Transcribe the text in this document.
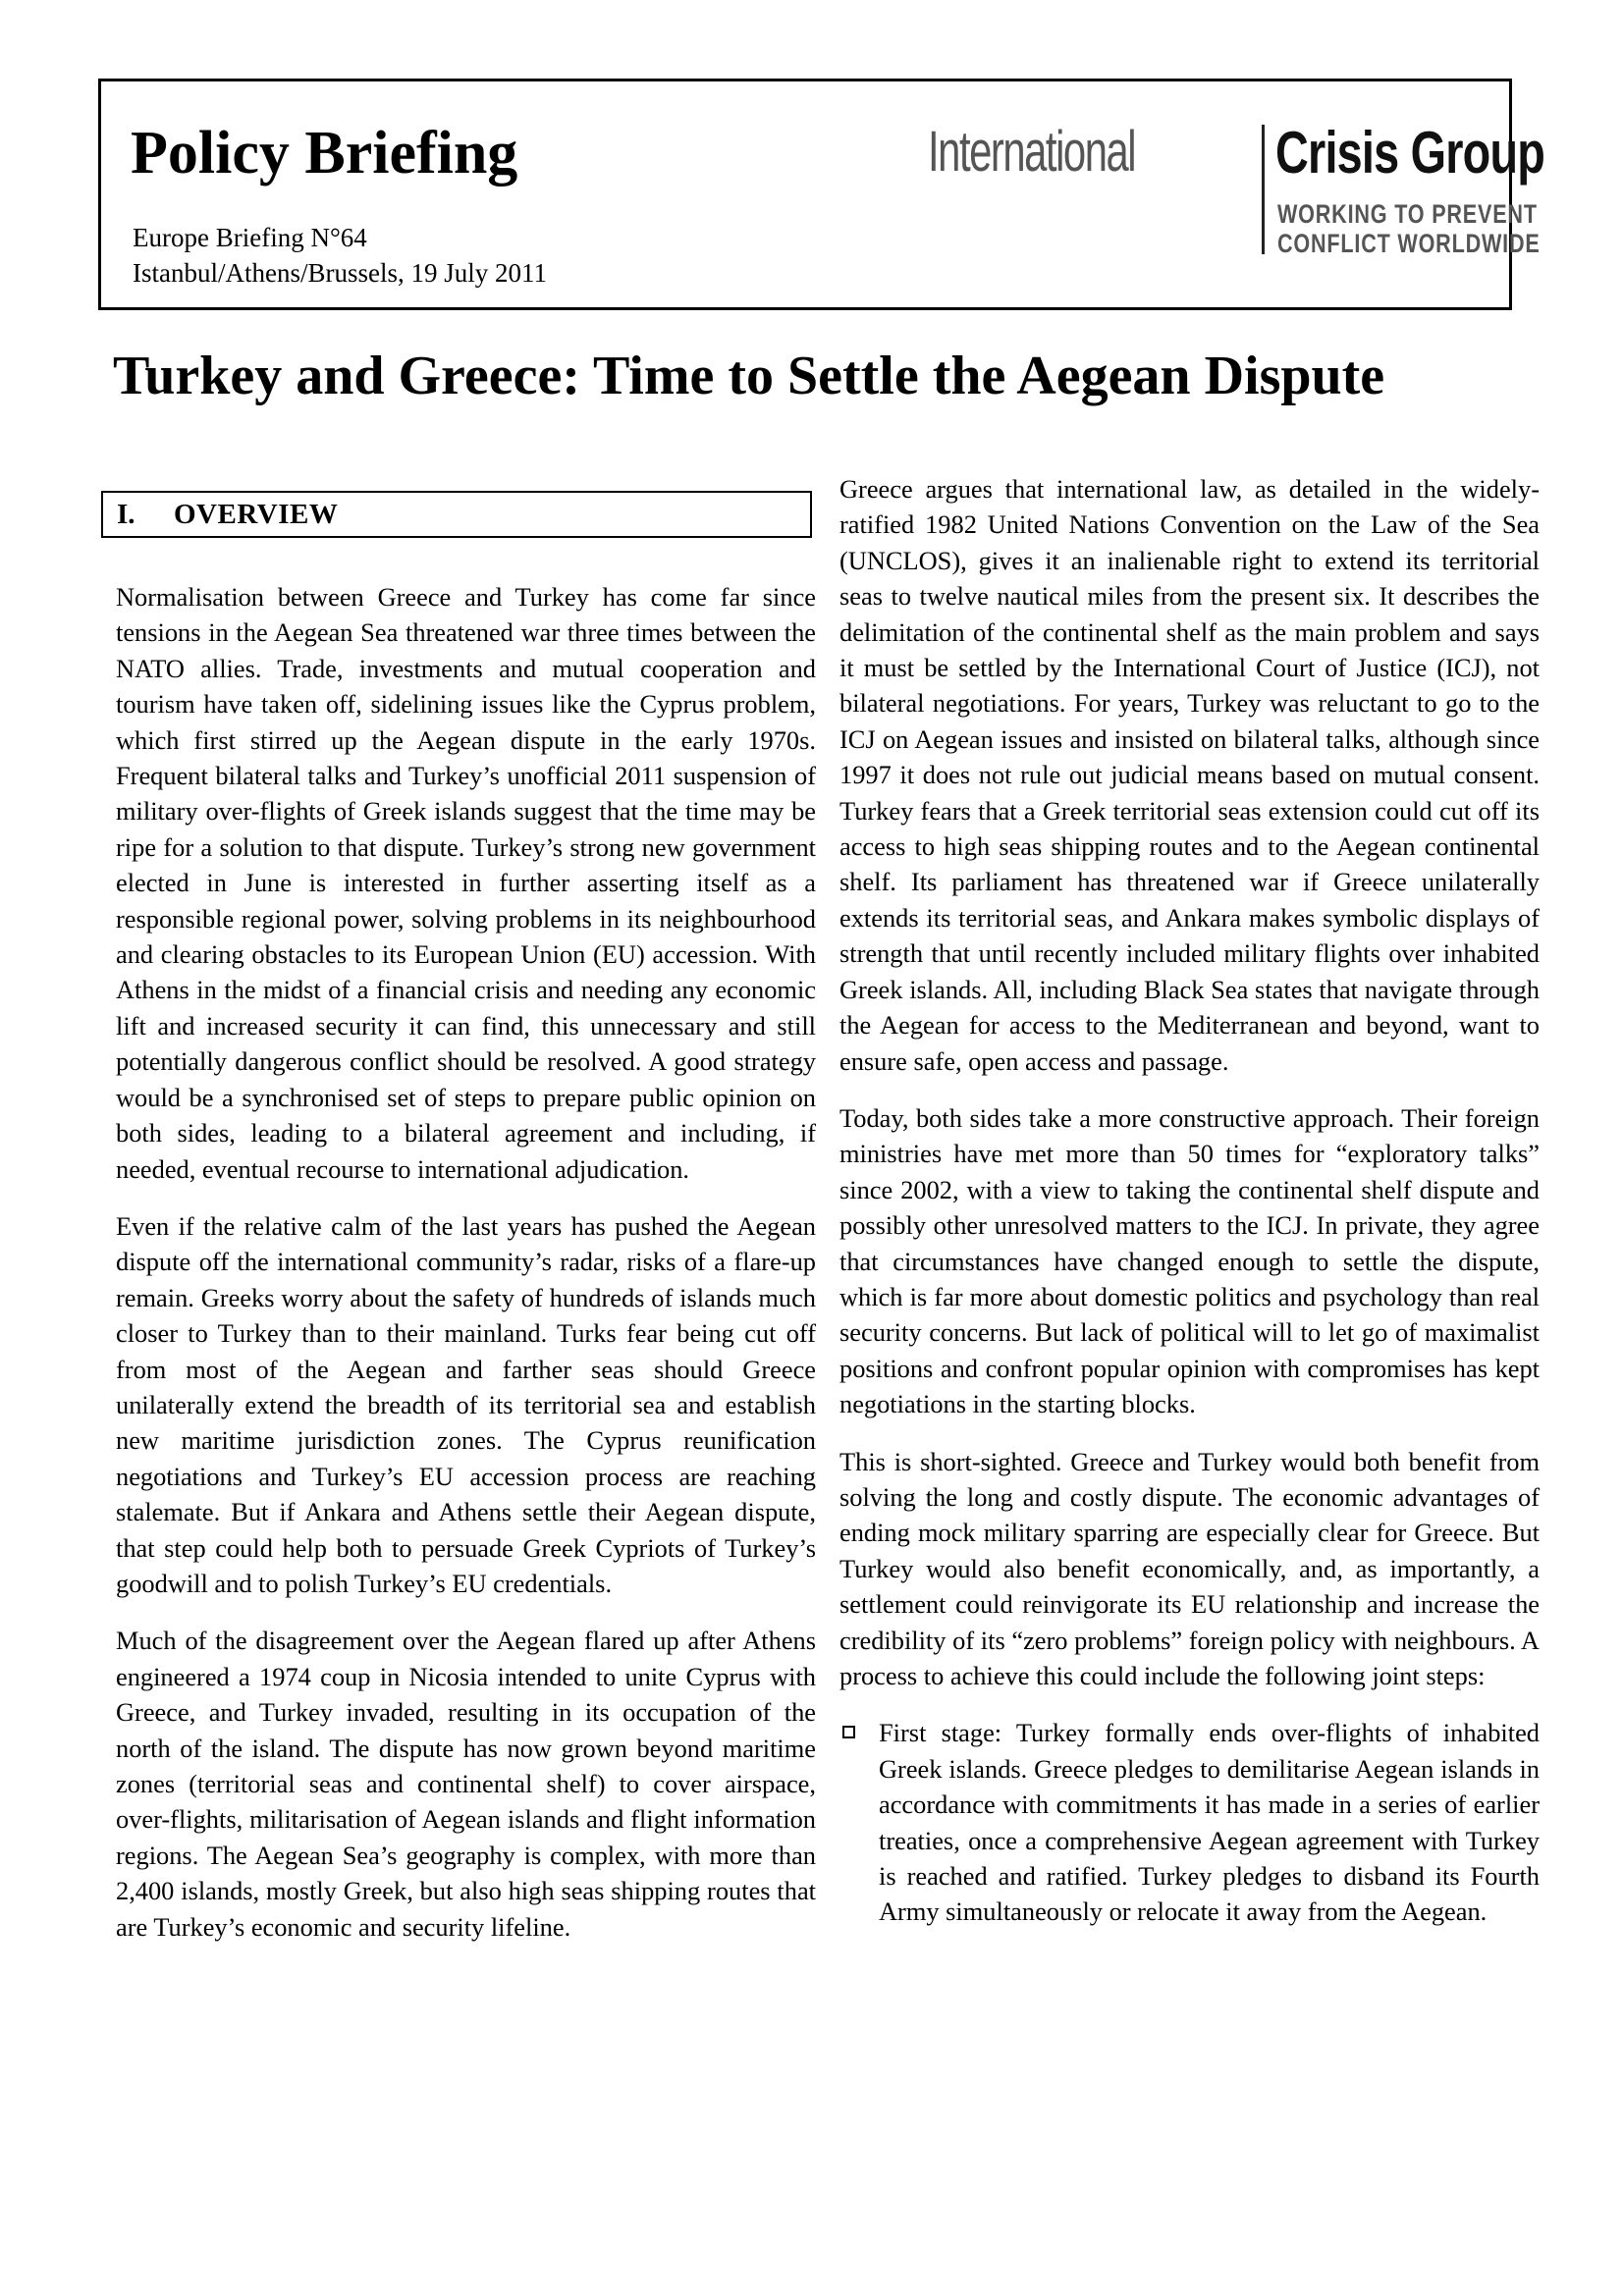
Policy Briefing
Europe Briefing N°64
Istanbul/Athens/Brussels, 19 July 2011
International Crisis Group
WORKING TO PREVENT
CONFLICT WORLDWIDE
Turkey and Greece: Time to Settle the Aegean Dispute
I. OVERVIEW

Normalisation between Greece and Turkey has come far since tensions in the Aegean Sea threatened war three times between the NATO allies. Trade, investments and mutual cooperation and tourism have taken off, sidelining issues like the Cyprus problem, which first stirred up the Aegean dispute in the early 1970s. Frequent bilateral talks and Turkey’s unofficial 2011 suspension of military over-flights of Greek islands suggest that the time may be ripe for a solution to that dispute. Turkey’s strong new government elected in June is interested in further asserting itself as a responsible regional power, solving problems in its neighbourhood and clearing obstacles to its European Union (EU) accession. With Athens in the midst of a financial crisis and needing any economic lift and increased security it can find, this unnecessary and still potentially dangerous conflict should be resolved. A good strategy would be a synchronised set of steps to prepare public opinion on both sides, leading to a bilateral agreement and including, if needed, eventual recourse to international adjudication.

Even if the relative calm of the last years has pushed the Aegean dispute off the international community’s radar, risks of a flare-up remain. Greeks worry about the safety of hundreds of islands much closer to Turkey than to their mainland. Turks fear being cut off from most of the Aegean and farther seas should Greece unilaterally extend the breadth of its territorial sea and establish new maritime jurisdiction zones. The Cyprus reunification negotiations and Turkey’s EU accession process are reaching stalemate. But if Ankara and Athens settle their Aegean dispute, that step could help both to persuade Greek Cypriots of Turkey’s goodwill and to polish Turkey’s EU credentials.

Much of the disagreement over the Aegean flared up after Athens engineered a 1974 coup in Nicosia intended to unite Cyprus with Greece, and Turkey invaded, resulting in its occupation of the north of the island. The dispute has now grown beyond maritime zones (territorial seas and continental shelf) to cover airspace, over-flights, militarisation of Aegean islands and flight information regions. The Aegean Sea’s geography is complex, with more than 2,400 islands, mostly Greek, but also high seas shipping routes that are Turkey’s economic and security lifeline.

Greece argues that international law, as detailed in the widely-ratified 1982 United Nations Convention on the Law of the Sea (UNCLOS), gives it an inalienable right to extend its territorial seas to twelve nautical miles from the present six. It describes the delimitation of the continental shelf as the main problem and says it must be settled by the International Court of Justice (ICJ), not bilateral negotiations. For years, Turkey was reluctant to go to the ICJ on Aegean issues and insisted on bilateral talks, although since 1997 it does not rule out judicial means based on mutual consent. Turkey fears that a Greek territorial seas extension could cut off its access to high seas shipping routes and to the Aegean continental shelf. Its parliament has threatened war if Greece unilaterally extends its territorial seas, and Ankara makes symbolic displays of strength that until recently included military flights over inhabited Greek islands. All, including Black Sea states that navigate through the Aegean for access to the Mediterranean and beyond, want to ensure safe, open access and passage.

Today, both sides take a more constructive approach. Their foreign ministries have met more than 50 times for “exploratory talks” since 2002, with a view to taking the continental shelf dispute and possibly other unresolved matters to the ICJ. In private, they agree that circumstances have changed enough to settle the dispute, which is far more about domestic politics and psychology than real security concerns. But lack of political will to let go of maximalist positions and confront popular opinion with compromises has kept negotiations in the starting blocks.

This is short-sighted. Greece and Turkey would both benefit from solving the long and costly dispute. The economic advantages of ending mock military sparring are especially clear for Greece. But Turkey would also benefit economically, and, as importantly, a settlement could reinvigorate its EU relationship and increase the credibility of its “zero problems” foreign policy with neighbours. A process to achieve this could include the following joint steps:

First stage: Turkey formally ends over-flights of inhabited Greek islands. Greece pledges to demilitarise Aegean islands in accordance with commitments it has made in a series of earlier treaties, once a comprehensive Aegean agreement with Turkey is reached and ratified. Turkey pledges to disband its Fourth Army simultaneously or relocate it away from the Aegean.
